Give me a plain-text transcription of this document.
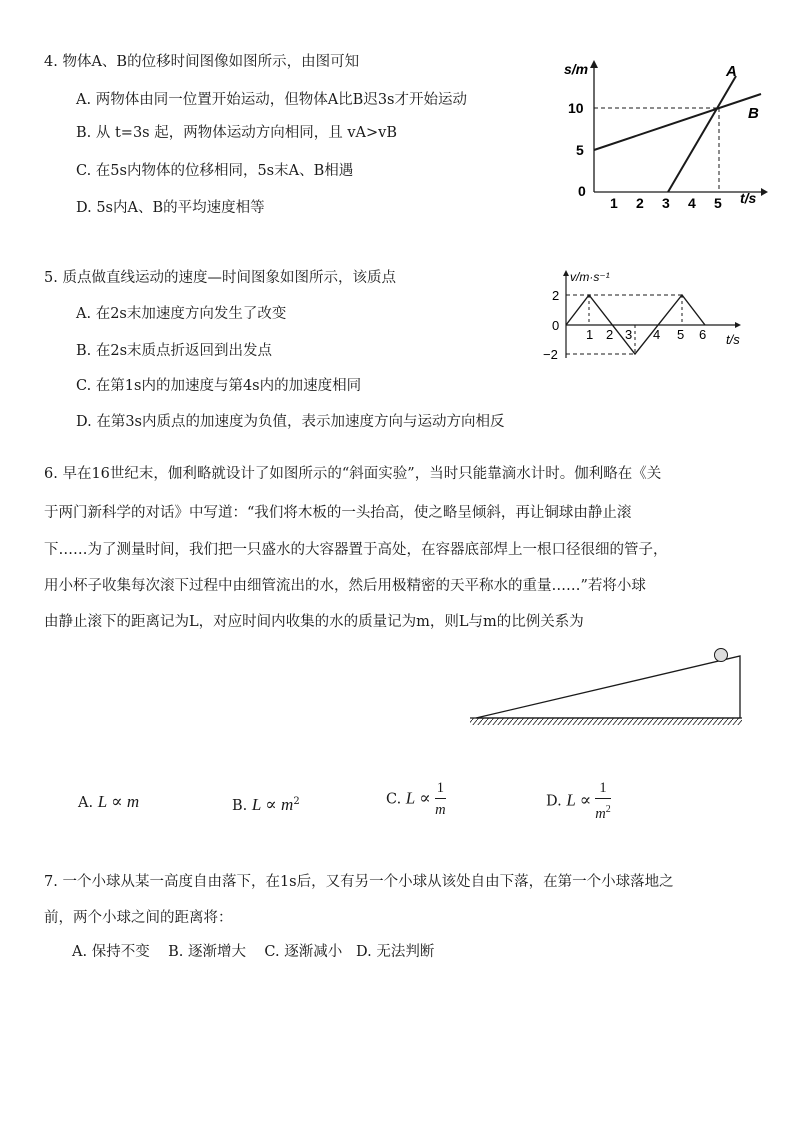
4. 物体A、B的位移时间图像如图所示，由图可知
A. 两物体由同一位置开始运动，但物体A比B迟3s才开始运动
B. 从 t=3s 起，两物体运动方向相同，且 vA>vB
C. 在5s内物体的位移相同，5s末A、B相遇
D. 5s内A、B的平均速度相等
s/m
t/s
0
10
5
1 2 3 4 5
A
B
5. 质点做直线运动的速度—时间图象如图所示，该质点
A. 在2s末加速度方向发生了改变
B. 在2s末质点折返回到出发点
C. 在第1s内的加速度与第4s内的加速度相同
D. 在第3s内质点的加速度为负值，表示加速度方向与运动方向相反
v/m·s⁻¹
t/s
2
0
−2
1 2 3 4 5 6
6. 早在16世纪末，伽利略就设计了如图所示的“斜面实验”，当时只能靠滴水计时。伽利略在《关
于两门新科学的对话》中写道：“我们将木板的一头抬高，使之略呈倾斜，再让铜球由静止滚
下……为了测量时间，我们把一只盛水的大容器置于高处，在容器底部焊上一根口径很细的管子，
用小杯子收集每次滚下过程中由细管流出的水，然后用极精密的天平称水的重量……”若将小球
由静止滚下的距离记为L，对应时间内收集的水的质量记为m，则L与m的比例关系为
A. L ∝ m	B. $L \propto m^2$	C. $L \propto \frac{1}{m}$	D. $L \propto \frac{1}{m^2}$
7. 一个小球从某一高度自由落下，在1s后，又有另一个小球从该处自由下落，在第一个小球落地之
前，两个小球之间的距离将：
A. 保持不变    B. 逐渐增大    C. 逐渐减小   D. 无法判断
